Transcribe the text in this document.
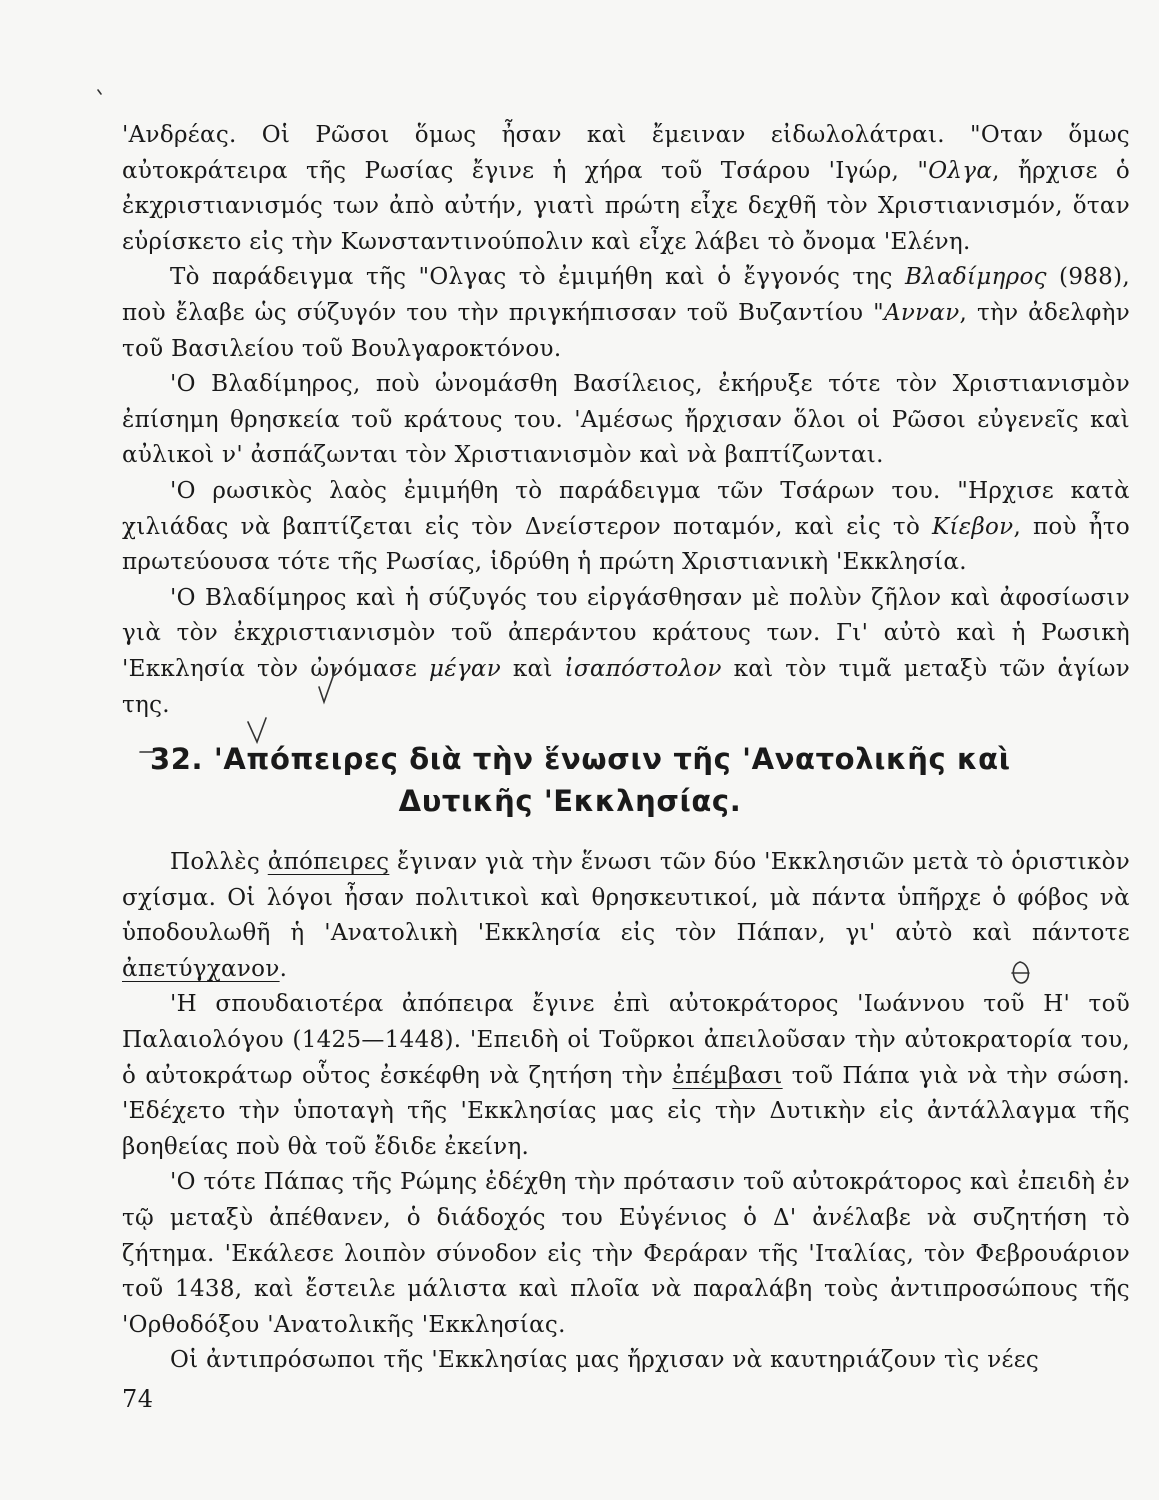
'Ανδρέας. Οἱ Ρῶσοι ὅμως ἦσαν καὶ ἔμειναν εἰδωλολάτραι. "Οταν ὅμως αὐτοκράτειρα τῆς Ρωσίας ἔγινε ἡ χήρα τοῦ Τσάρου 'Ιγώρ, "Ολγα, ἤρχισε ὁ ἐκχριστιανισμός των ἀπὸ αὐτήν, γιατὶ πρώτη εἶχε δεχθῆ τὸν Χριστιανισμόν, ὅταν εὑρίσκετο εἰς τὴν Κωνσταντινούπολιν καὶ εἶχε λάβει τὸ ὄνομα 'Ελένη.

Τὸ παράδειγμα τῆς "Ολγας τὸ ἐμιμήθη καὶ ὁ ἔγγονός της Βλαδίμηρος (988), ποὺ ἔλαβε ὡς σύζυγόν του τὴν πριγκήπισσαν τοῦ Βυζαντίου "Ανναν, τὴν ἀδελφὴν τοῦ Βασιλείου τοῦ Βουλγαροκτόνου.

'Ο Βλαδίμηρος, ποὺ ὠνομάσθη Βασίλειος, ἐκήρυξε τότε τὸν Χριστιανισμὸν ἐπίσημη θρησκεία τοῦ κράτους του. 'Αμέσως ἤρχισαν ὅλοι οἱ Ρῶσοι εὐγενεῖς καὶ αὐλικοὶ ν' ἀσπάζωνται τὸν Χριστιανισμὸν καὶ νὰ βαπτίζωνται.

'Ο ρωσικὸς λαὸς ἐμιμήθη τὸ παράδειγμα τῶν Τσάρων του. "Ηρχισε κατὰ χιλιάδας νὰ βαπτίζεται εἰς τὸν Δνείστερον ποταμόν, καὶ εἰς τὸ Κίεβον, ποὺ ἦτο πρωτεύουσα τότε τῆς Ρωσίας, ἱδρύθη ἡ πρώτη Χριστιανικὴ 'Εκκλησία.

'Ο Βλαδίμηρος καὶ ἡ σύζυγός του εἰργάσθησαν μὲ πολὺν ζῆλον καὶ ἀφοσίωσιν γιὰ τὸν ἐκχριστιανισμὸν τοῦ ἀπεράντου κράτους των. Γι' αὐτὸ καὶ ἡ Ρωσικὴ 'Εκκλησία τὸν ὠνόμασε μέγαν καὶ ἰσαπόστολον καὶ τὸν τιμᾶ μεταξὺ τῶν ἁγίων της.

32. 'Απόπειρες διὰ τὴν ἕνωσιν τῆς 'Ανατολικῆς καὶ
Δυτικῆς 'Εκκλησίας.

Πολλὲς ἀπόπειρες ἔγιναν γιὰ τὴν ἕνωσι τῶν δύο 'Εκκλησιῶν μετὰ τὸ ὁριστικὸν σχίσμα. Οἱ λόγοι ἦσαν πολιτικοὶ καὶ θρησκευτικοί, μὰ πάντα ὑπῆρχε ὁ φόβος νὰ ὑποδουλωθῆ ἡ 'Ανατολικὴ 'Εκκλησία εἰς τὸν Πάπαν, γι' αὐτὸ καὶ πάντοτε ἀπετύγχανον.

'Η σπουδαιοτέρα ἀπόπειρα ἔγινε ἐπὶ αὐτοκράτορος 'Ιωάννου τοῦ Η' τοῦ Παλαιολόγου (1425—1448). 'Επειδὴ οἱ Τοῦρκοι ἀπειλοῦσαν τὴν αὐτοκρατορία του, ὁ αὐτοκράτωρ οὗτος ἐσκέφθη νὰ ζητήση τὴν ἐπέμβασι τοῦ Πάπα γιὰ νὰ τὴν σώση. 'Εδέχετο τὴν ὑποταγὴ τῆς 'Εκκλησίας μας εἰς τὴν Δυτικὴν εἰς ἀντάλλαγμα τῆς βοηθείας ποὺ θὰ τοῦ ἔδιδε ἐκείνη.

'Ο τότε Πάπας τῆς Ρώμης ἐδέχθη τὴν πρότασιν τοῦ αὐτοκράτορος καὶ ἐπειδὴ ἐν τῷ μεταξὺ ἀπέθανεν, ὁ διάδοχός του Εὐγένιος ὁ Δ' ἀνέλαβε νὰ συζητήση τὸ ζήτημα. 'Εκάλεσε λοιπὸν σύνοδον εἰς τὴν Φεράραν τῆς 'Ιταλίας, τὸν Φεβρουάριον τοῦ 1438, καὶ ἔστειλε μάλιστα καὶ πλοῖα νὰ παραλάβη τοὺς ἀντιπροσώπους τῆς 'Ορθοδόξου 'Ανατολικῆς 'Εκκλησίας.

Οἱ ἀντιπρόσωποι τῆς 'Εκκλησίας μας ἤρχισαν νὰ καυτηριάζουν τὶς νέες

74
